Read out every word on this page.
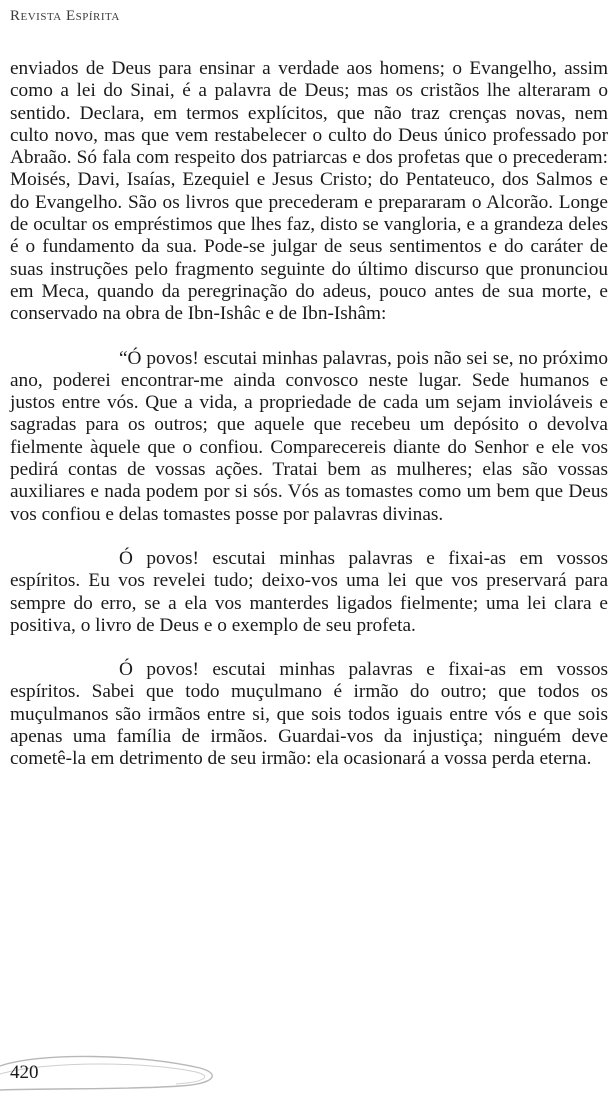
Revista Espírita

enviados de Deus para ensinar a verdade aos homens; o Evangelho, assim como a lei do Sinai, é a palavra de Deus; mas os cristãos lhe alteraram o sentido. Declara, em termos explícitos, que não traz crenças novas, nem culto novo, mas que vem restabelecer o culto do Deus único professado por Abraão. Só fala com respeito dos patriarcas e dos profetas que o precederam: Moisés, Davi, Isaías, Ezequiel e Jesus Cristo; do Pentateuco, dos Salmos e do Evangelho. São os livros que precederam e prepararam o Alcorão. Longe de ocultar os empréstimos que lhes faz, disto se vangloria, e a grandeza deles é o fundamento da sua. Pode-se julgar de seus sentimentos e do caráter de suas instruções pelo fragmento seguinte do último discurso que pronunciou em Meca, quando da peregrinação do adeus, pouco antes de sua morte, e conservado na obra de Ibn-Ishâc e de Ibn-Ishâm:

“Ó povos! escutai minhas palavras, pois não sei se, no próximo ano, poderei encontrar-me ainda convosco neste lugar. Sede humanos e justos entre vós. Que a vida, a propriedade de cada um sejam invioláveis e sagradas para os outros; que aquele que recebeu um depósito o devolva fielmente àquele que o confiou. Comparecereis diante do Senhor e ele vos pedirá contas de vossas ações. Tratai bem as mulheres; elas são vossas auxiliares e nada podem por si sós. Vós as tomastes como um bem que Deus vos confiou e delas tomastes posse por palavras divinas.

Ó povos! escutai minhas palavras e fixai-as em vossos espíritos. Eu vos revelei tudo; deixo-vos uma lei que vos preservará para sempre do erro, se a ela vos manterdes ligados fielmente; uma lei clara e positiva, o livro de Deus e o exemplo de seu profeta.

Ó povos! escutai minhas palavras e fixai-as em vossos espíritos. Sabei que todo muçulmano é irmão do outro; que todos os muçulmanos são irmãos entre si, que sois todos iguais entre vós e que sois apenas uma família de irmãos. Guardai-vos da injustiça; ninguém deve cometê-la em detrimento de seu irmão: ela ocasionará a vossa perda eterna.

420
